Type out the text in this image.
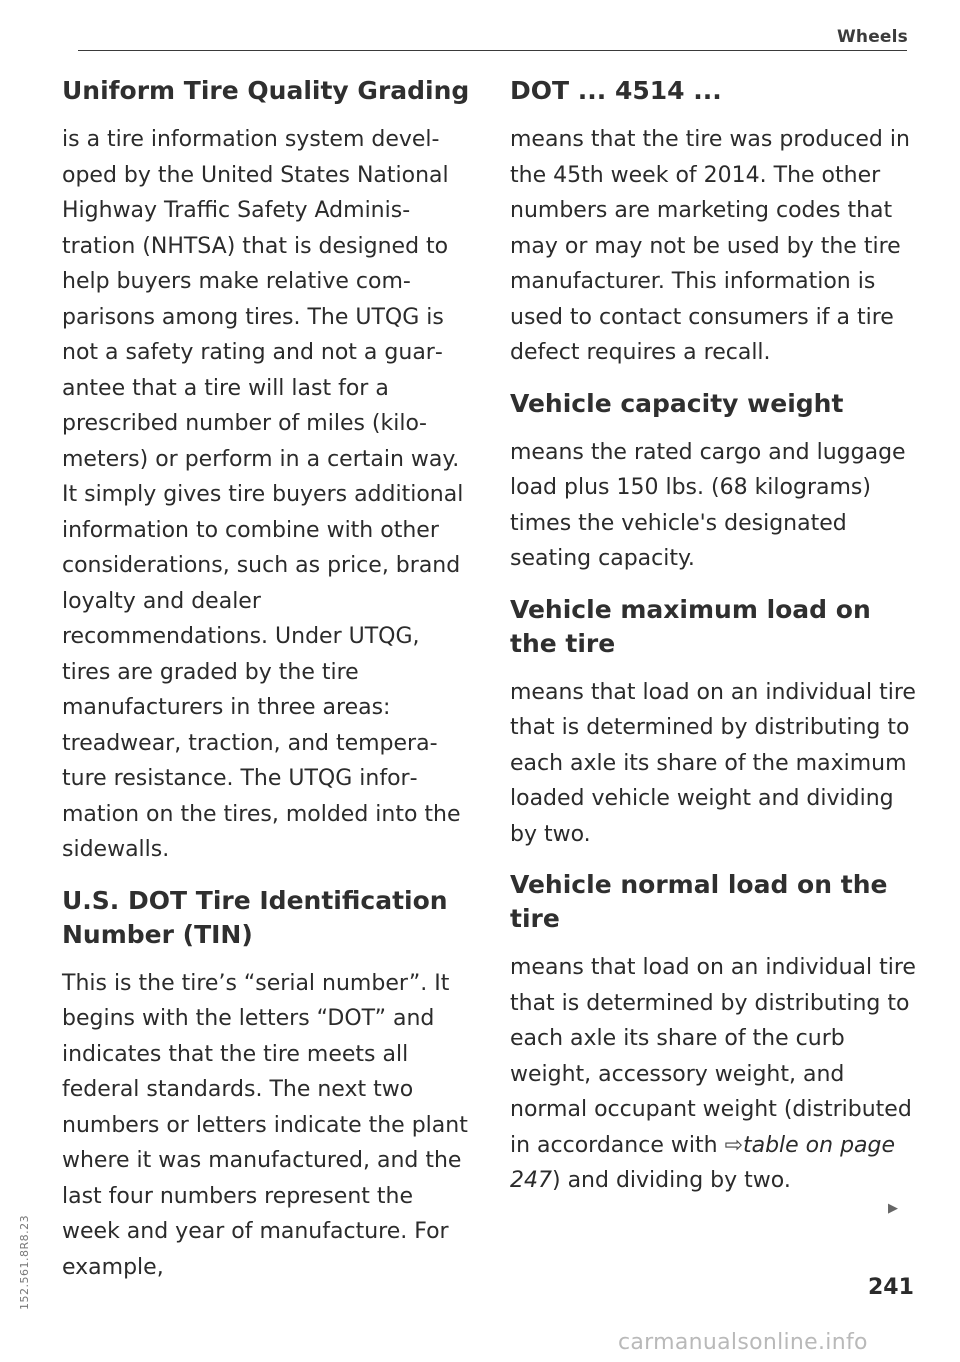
Wheels
Uniform Tire Quality Grading

is a tire information system developed by the United States National Highway Traffic Safety Administration (NHTSA) that is designed to help buyers make relative comparisons among tires. The UTQG is not a safety rating and not a guarantee that a tire will last for a prescribed number of miles (kilometers) or perform in a certain way. It simply gives tire buyers additional information to combine with other considerations, such as price, brand loyalty and dealer recommendations. Under UTQG, tires are graded by the tire manufacturers in three areas: treadwear, traction, and temperature resistance. The UTQG information on the tires, molded into the sidewalls.

U.S. DOT Tire Identification Number (TIN)

This is the tire’s “serial number”. It begins with the letters “DOT” and indicates that the tire meets all federal standards. The next two numbers or letters indicate the plant where it was manufactured, and the last four numbers represent the week and year of manufacture. For example,

DOT ... 4514 ...

means that the tire was produced in the 45th week of 2014. The other numbers are marketing codes that may or may not be used by the tire manufacturer. This information is used to contact consumers if a tire defect requires a recall.

Vehicle capacity weight

means the rated cargo and luggage load plus 150 lbs. (68 kilograms) times the vehicle's designated seating capacity.

Vehicle maximum load on the tire

means that load on an individual tire that is determined by distributing to each axle its share of the maximum loaded vehicle weight and dividing by two.

Vehicle normal load on the tire

means that load on an individual tire that is determined by distributing to each axle its share of the curb weight, accessory weight, and normal occupant weight (distributed in accordance with ⇨table on page 247) and dividing by two.

▶
241
152.561.8R8.23
carmanualsonline.info
